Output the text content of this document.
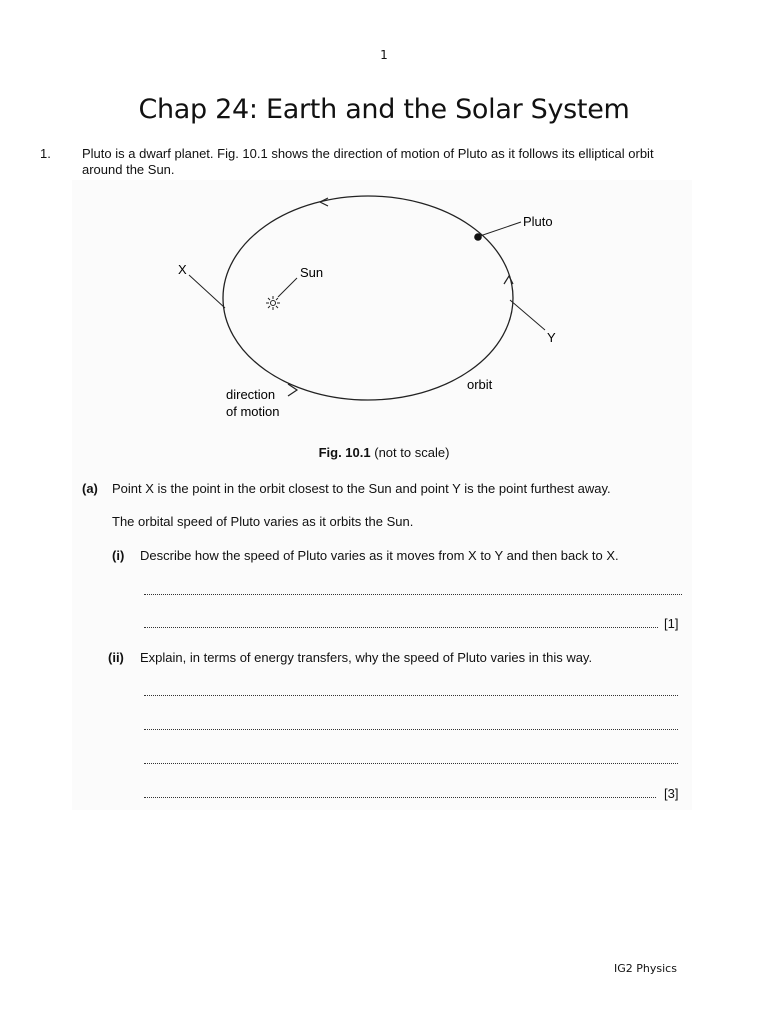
1
Chap 24: Earth and the Solar System
1. Pluto is a dwarf planet. Fig. 10.1 shows the direction of motion of Pluto as it follows its elliptical orbit around the Sun.
Pluto
X
Y
Sun
orbit
direction
of motion
Fig. 10.1 (not to scale)
(a) Point X is the point in the orbit closest to the Sun and point Y is the point furthest away.
The orbital speed of Pluto varies as it orbits the Sun.
(i) Describe how the speed of Pluto varies as it moves from X to Y and then back to X.
[1]
(ii) Explain, in terms of energy transfers, why the speed of Pluto varies in this way.
[3]
IG2 Physics
